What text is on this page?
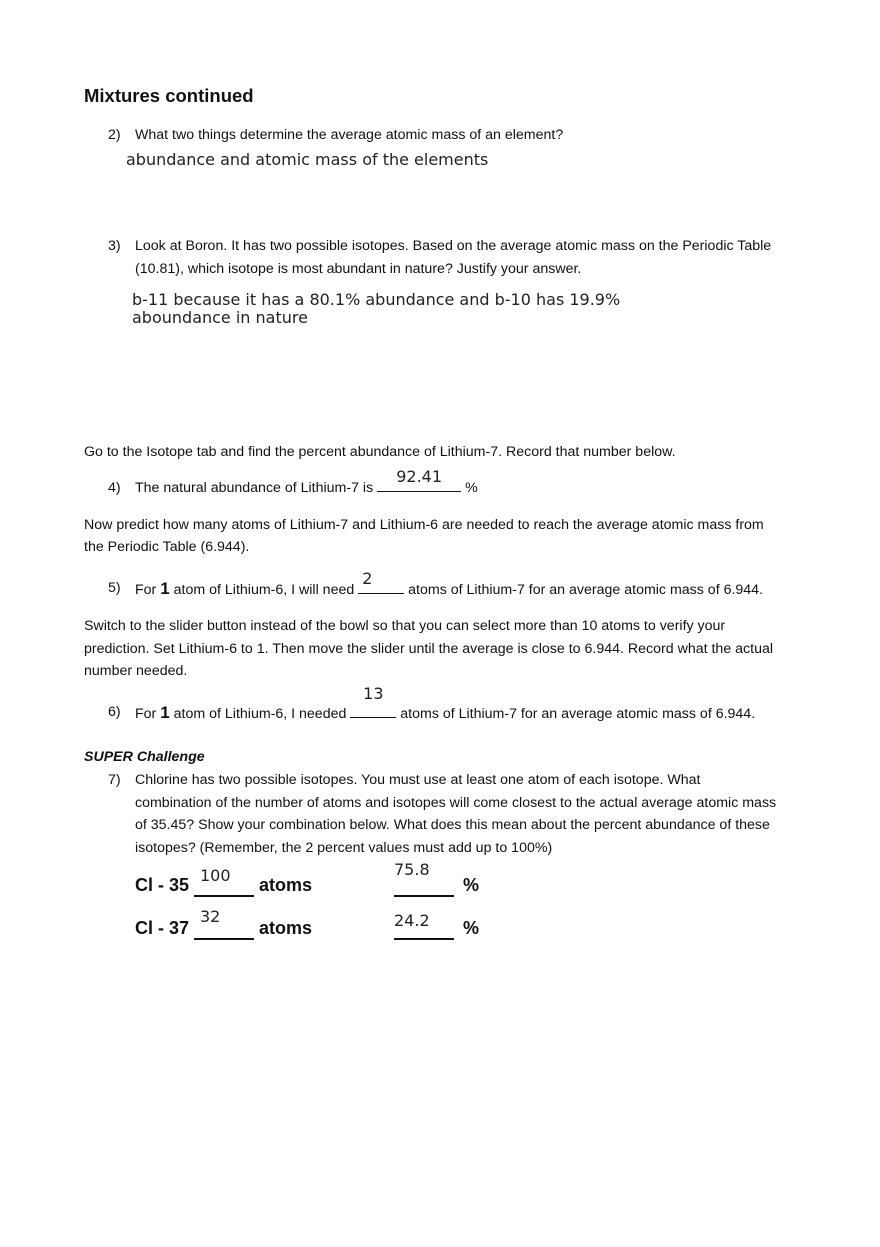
Mixtures continued
2) What two things determine the average atomic mass of an element?
abundance and atomic mass of the elements
3) Look at Boron. It has two possible isotopes. Based on the average atomic mass on the Periodic Table
(10.81), which isotope is most abundant in nature? Justify your answer.
b-11 because it has a 80.1% abundance and b-10 has 19.9%
aboundance in nature
Go to the Isotope tab and find the percent abundance of Lithium-7. Record that number below.
4) The natural abundance of Lithium-7 is
92.41
%
Now predict how many atoms of Lithium-7 and Lithium-6 are needed to reach the average atomic mass from
the Periodic Table (6.944).
5) For 1 atom of Lithium-6, I will need
2
atoms of Lithium-7 for an average atomic mass of 6.944.
Switch to the slider button instead of the bowl so that you can select more than 10 atoms to verify your
prediction. Set Lithium-6 to 1. Then move the slider until the average is close to 6.944. Record what the actual
number needed.
6) For 1 atom of Lithium-6, I needed
13
atoms of Lithium-7 for an average atomic mass of 6.944.
SUPER Challenge
7) Chlorine has two possible isotopes. You must use at least one atom of each isotope. What
combination of the number of atoms and isotopes will come closest to the actual average atomic mass
of 35.45? Show your combination below. What does this mean about the percent abundance of these
isotopes? (Remember, the 2 percent values must add up to 100%)
Cl - 35 100 atoms
75.8
%
Cl - 37
32
atoms	24.2 %
